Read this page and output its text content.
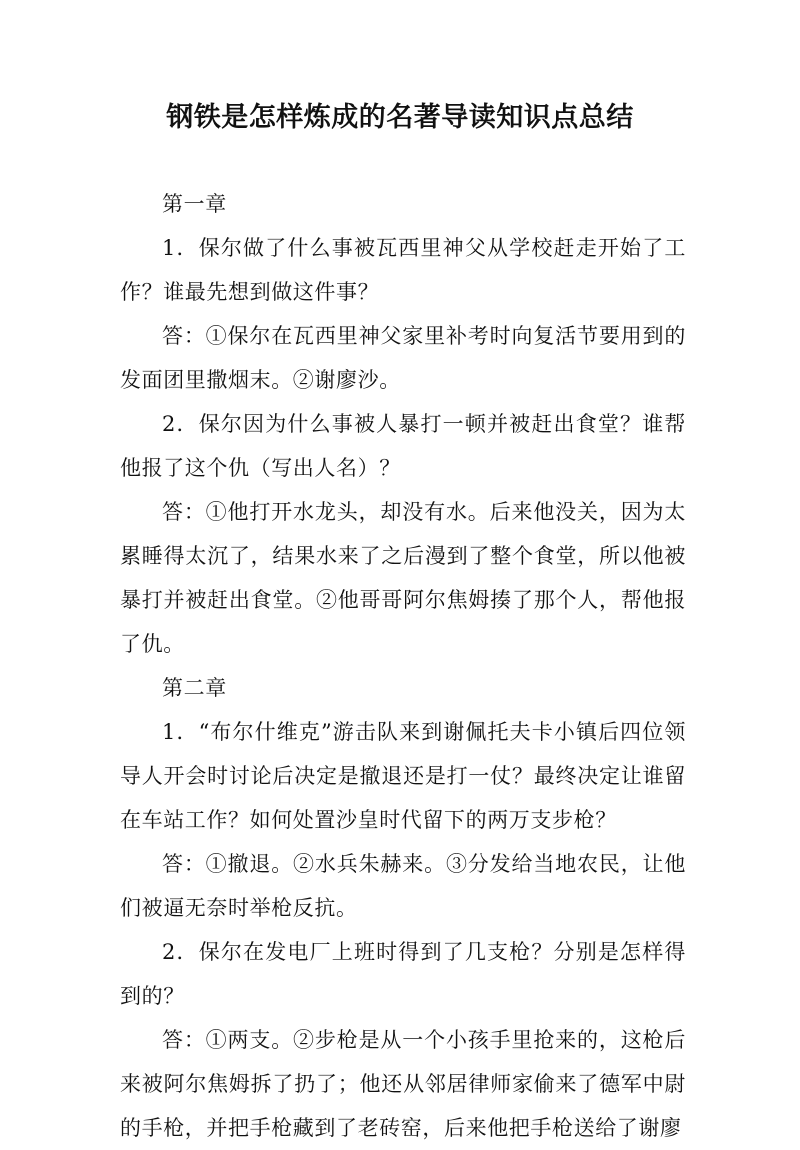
钢铁是怎样炼成的名著导读知识点总结

第一章

1．保尔做了什么事被瓦西里神父从学校赶走开始了工作？谁最先想到做这件事？

答：①保尔在瓦西里神父家里补考时向复活节要用到的发面团里撒烟末。②谢廖沙。

2．保尔因为什么事被人暴打一顿并被赶出食堂？谁帮他报了这个仇（写出人名）？

答：①他打开水龙头，却没有水。后来他没关，因为太累睡得太沉了，结果水来了之后漫到了整个食堂，所以他被暴打并被赶出食堂。②他哥哥阿尔焦姆揍了那个人，帮他报了仇。

第二章

1．“布尔什维克”游击队来到谢佩托夫卡小镇后四位领导人开会时讨论后决定是撤退还是打一仗？最终决定让谁留在车站工作？如何处置沙皇时代留下的两万支步枪？

答：①撤退。②水兵朱赫来。③分发给当地农民，让他们被逼无奈时举枪反抗。

2．保尔在发电厂上班时得到了几支枪？分别是怎样得到的？

答：①两支。②步枪是从一个小孩手里抢来的，这枪后来被阿尔焦姆拆了扔了；他还从邻居律师家偷来了德军中尉的手枪，并把手枪藏到了老砖窑，后来他把手枪送给了谢廖
